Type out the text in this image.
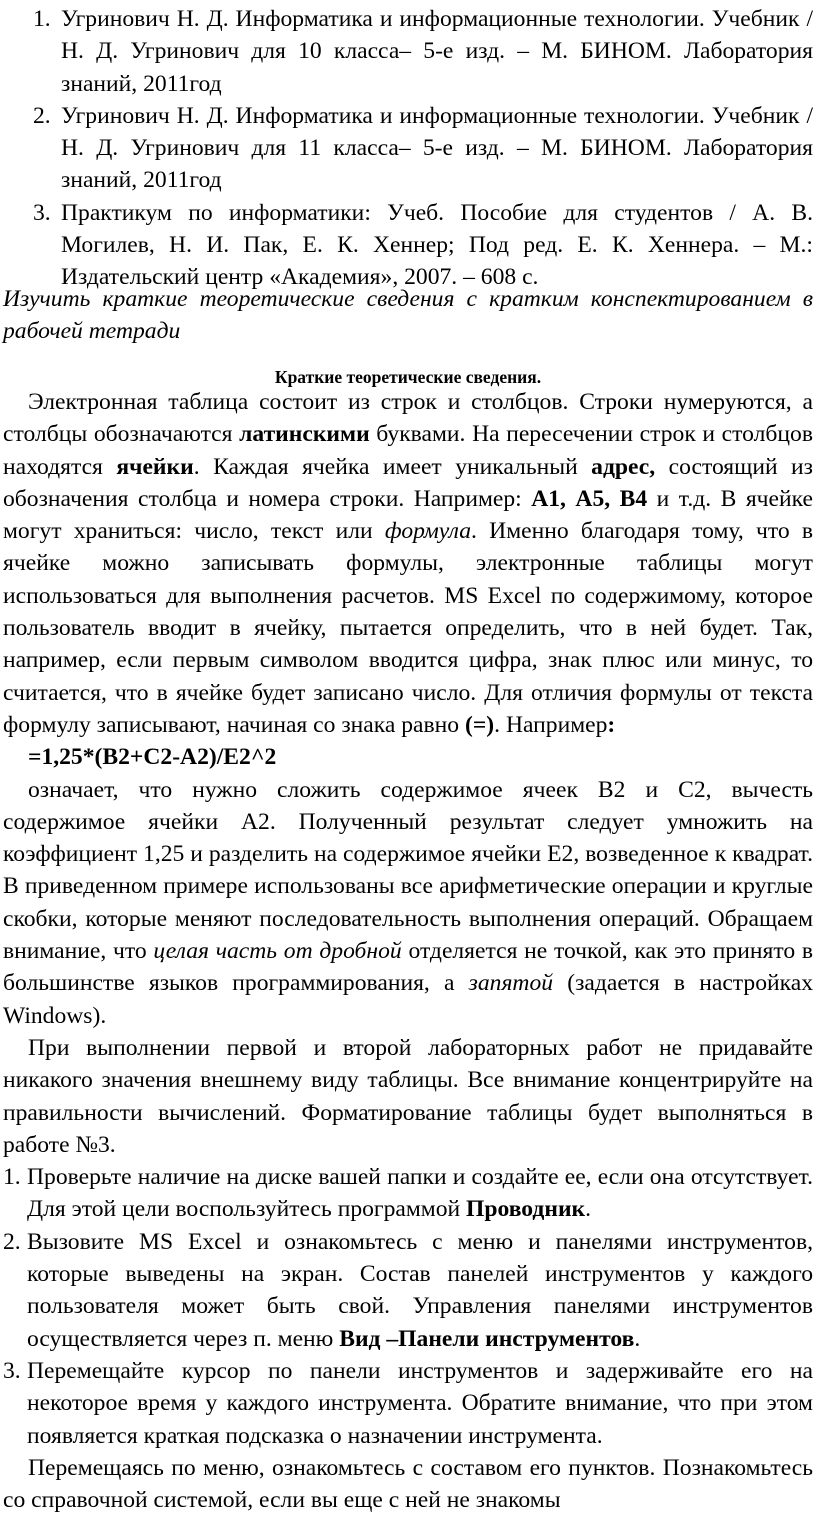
1. Угринович Н. Д. Информатика и информационные технологии. Учебник / Н. Д. Угринович для 10 класса– 5-е изд. – М. БИНОМ. Лаборатория знаний, 2011год
2. Угринович Н. Д. Информатика и информационные технологии. Учебник / Н. Д. Угринович для 11 класса– 5-е изд. – М. БИНОМ. Лаборатория знаний, 2011год
3. Практикум по информатики: Учеб. Пособие для студентов / А. В. Могилев, Н. И. Пак, Е. К. Хеннер; Под ред. Е. К. Хеннера. – М.: Издательский центр «Академия», 2007. – 608 с.

Изучить краткие теоретические сведения с кратким конспектированием в рабочей тетради

Краткие теоретические сведения.

Электронная таблица состоит из строк и столбцов. Строки нумеруются, а столбцы обозначаются латинскими буквами. На пересечении строк и столбцов находятся ячейки. Каждая ячейка имеет уникальный адрес, состоящий из обозначения столбца и номера строки. Например: А1, А5, В4 и т.д. В ячейке могут храниться: число, текст или формула. Именно благодаря тому, что в ячейке можно записывать формулы, электронные таблицы могут использоваться для выполнения расчетов. MS Excel по содержимому, которое пользователь вводит в ячейку, пытается определить, что в ней будет. Так, например, если первым символом вводится цифра, знак плюс или минус, то считается, что в ячейке будет записано число. Для отличия формулы от текста формулу записывают, начиная со знака равно (=). Например:

=1,25*(В2+С2-А2)/Е2^2

означает, что нужно сложить содержимое ячеек В2 и С2, вычесть содержимое ячейки А2. Полученный результат следует умножить на коэффициент 1,25 и разделить на содержимое ячейки Е2, возведенное к квадрат. В приведенном примере использованы все арифметические операции и круглые скобки, которые меняют последовательность выполнения операций. Обращаем внимание, что целая часть от дробной отделяется не точкой, как это принято в большинстве языков программирования, а запятой (задается в настройках Windows).

При выполнении первой и второй лабораторных работ не придавайте никакого значения внешнему виду таблицы. Все внимание концентрируйте на правильности вычислений. Форматирование таблицы будет выполняться в работе №3.

1. Проверьте наличие на диске вашей папки и создайте ее, если она отсутствует. Для этой цели воспользуйтесь программой Проводник.
2. Вызовите MS Excel и ознакомьтесь с меню и панелями инструментов, которые выведены на экран. Состав панелей инструментов у каждого пользователя может быть свой. Управления панелями инструментов осуществляется через п. меню Вид –Панели инструментов.
3. Перемещайте курсор по панели инструментов и задерживайте его на некоторое время у каждого инструмента. Обратите внимание, что при этом появляется краткая подсказка о назначении инструмента.

Перемещаясь по меню, ознакомьтесь с составом его пунктов. Познакомьтесь со справочной системой, если вы еще с ней не знакомы
